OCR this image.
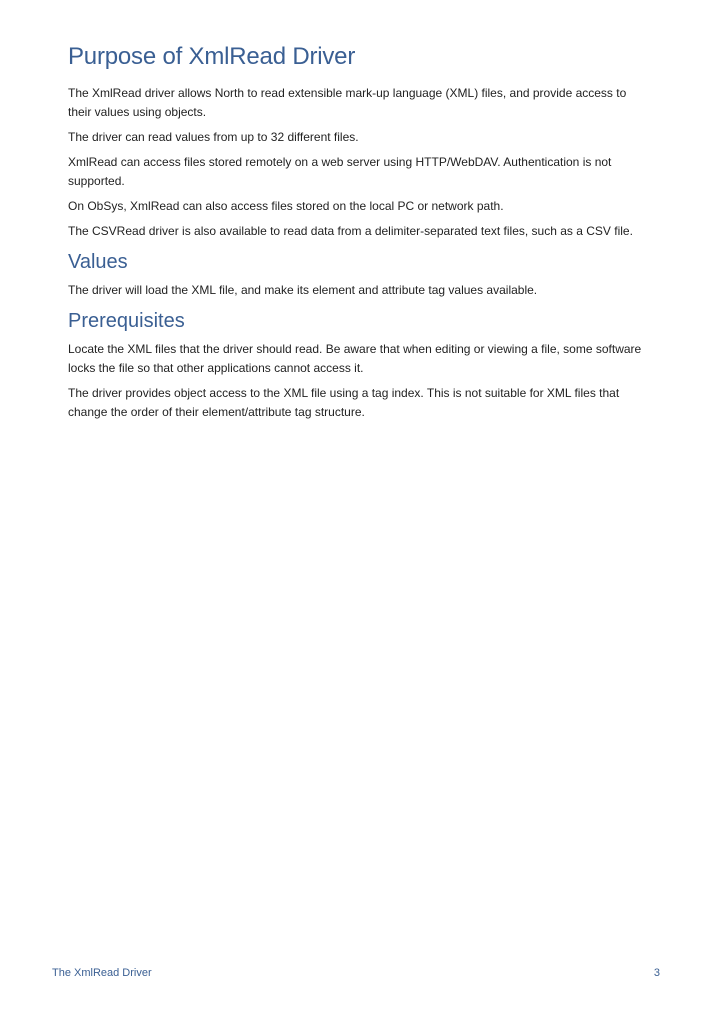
Purpose of XmlRead Driver

The XmlRead driver allows North to read extensible mark-up language (XML) files, and provide access to their values using objects.

The driver can read values from up to 32 different files.

XmlRead can access files stored remotely on a web server using HTTP/WebDAV. Authentication is not supported.

On ObSys, XmlRead can also access files stored on the local PC or network path.

The CSVRead driver is also available to read data from a delimiter-separated text files, such as a CSV file.

Values

The driver will load the XML file, and make its element and attribute tag values available.

Prerequisites

Locate the XML files that the driver should read. Be aware that when editing or viewing a file, some software locks the file so that other applications cannot access it.

The driver provides object access to the XML file using a tag index. This is not suitable for XML files that change the order of their element/attribute tag structure.

The XmlRead Driver	3
